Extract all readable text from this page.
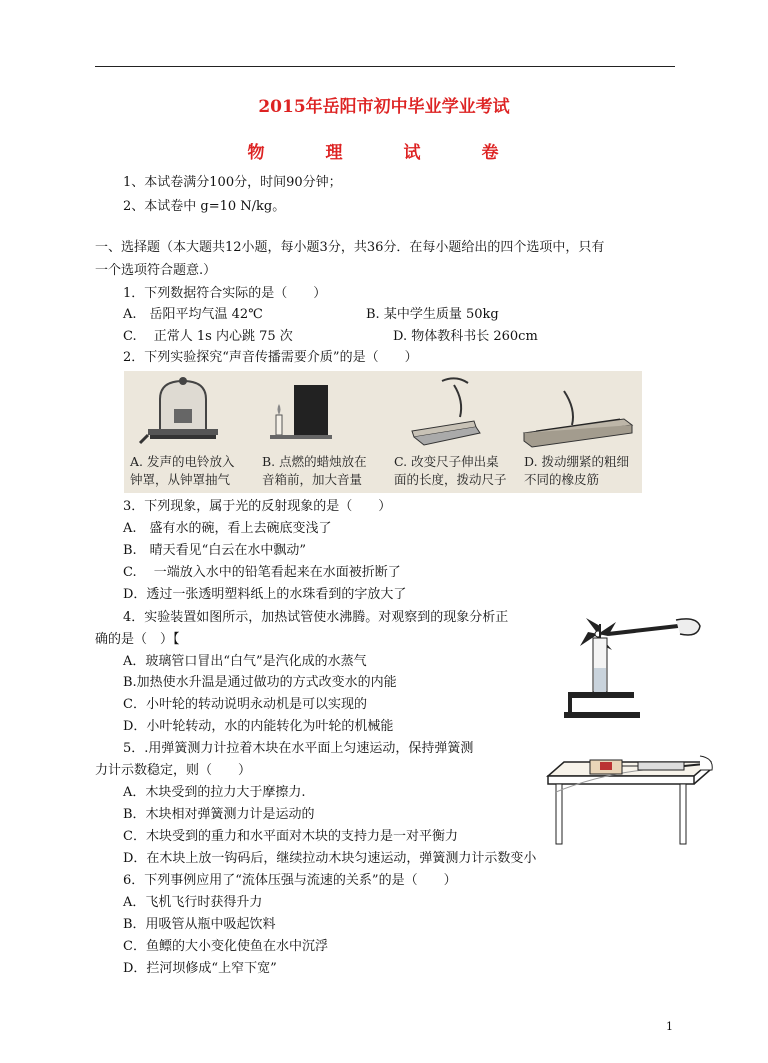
2015年岳阳市初中毕业学业考试
物　理　试　卷
1、本试卷满分100分，时间90分钟；
2、本试卷中 g=10 N/kg。
一、选择题（本大题共12小题，每小题3分，共36分．在每小题给出的四个选项中，只有
一个选项符合题意.）
1．下列数据符合实际的是（　　）
A.　岳阳平均气温 42℃	B. 某中学生质量 50kg
C.　 正常人 1s 内心跳 75 次	D. 物体教科书长 260cm
2．下列实验探究“声音传播需要介质”的是（　　）
A. 发声的电铃放入
钟罩，从钟罩抽气
B. 点燃的蜡烛放在
音箱前，加大音量
C. 改变尺子伸出桌
面的长度，拨动尺子
D. 拨动绷紧的粗细
不同的橡皮筋
3．下列现象，属于光的反射现象的是（　　）
A.　盛有水的碗，看上去碗底变浅了
B.　晴天看见“白云在水中飘动”
C.　 一端放入水中的铅笔看起来在水面被折断了
D．透过一张透明塑料纸上的水珠看到的字放大了
4．实验装置如图所示，加热试管使水沸腾。对观察到的现象分析正
确的是（　）【
A．玻璃管口冒出“白气”是汽化成的水蒸气
B.加热使水升温是通过做功的方式改变水的内能
C．小叶轮的转动说明永动机是可以实现的
D．小叶轮转动，水的内能转化为叶轮的机械能
5．.用弹簧测力计拉着木块在水平面上匀速运动，保持弹簧测
力计示数稳定，则（　　）
A．木块受到的拉力大于摩擦力.
B．木块相对弹簧测力计是运动的
C．木块受到的重力和水平面对木块的支持力是一对平衡力
D．在木块上放一钩码后，继续拉动木块匀速运动，弹簧测力计示数变小
6．下列事例应用了“流体压强与流速的关系”的是（　　）
A．飞机飞行时获得升力
B．用吸管从瓶中吸起饮料
C．鱼鳔的大小变化使鱼在水中沉浮
D．拦河坝修成“上窄下宽”
1
